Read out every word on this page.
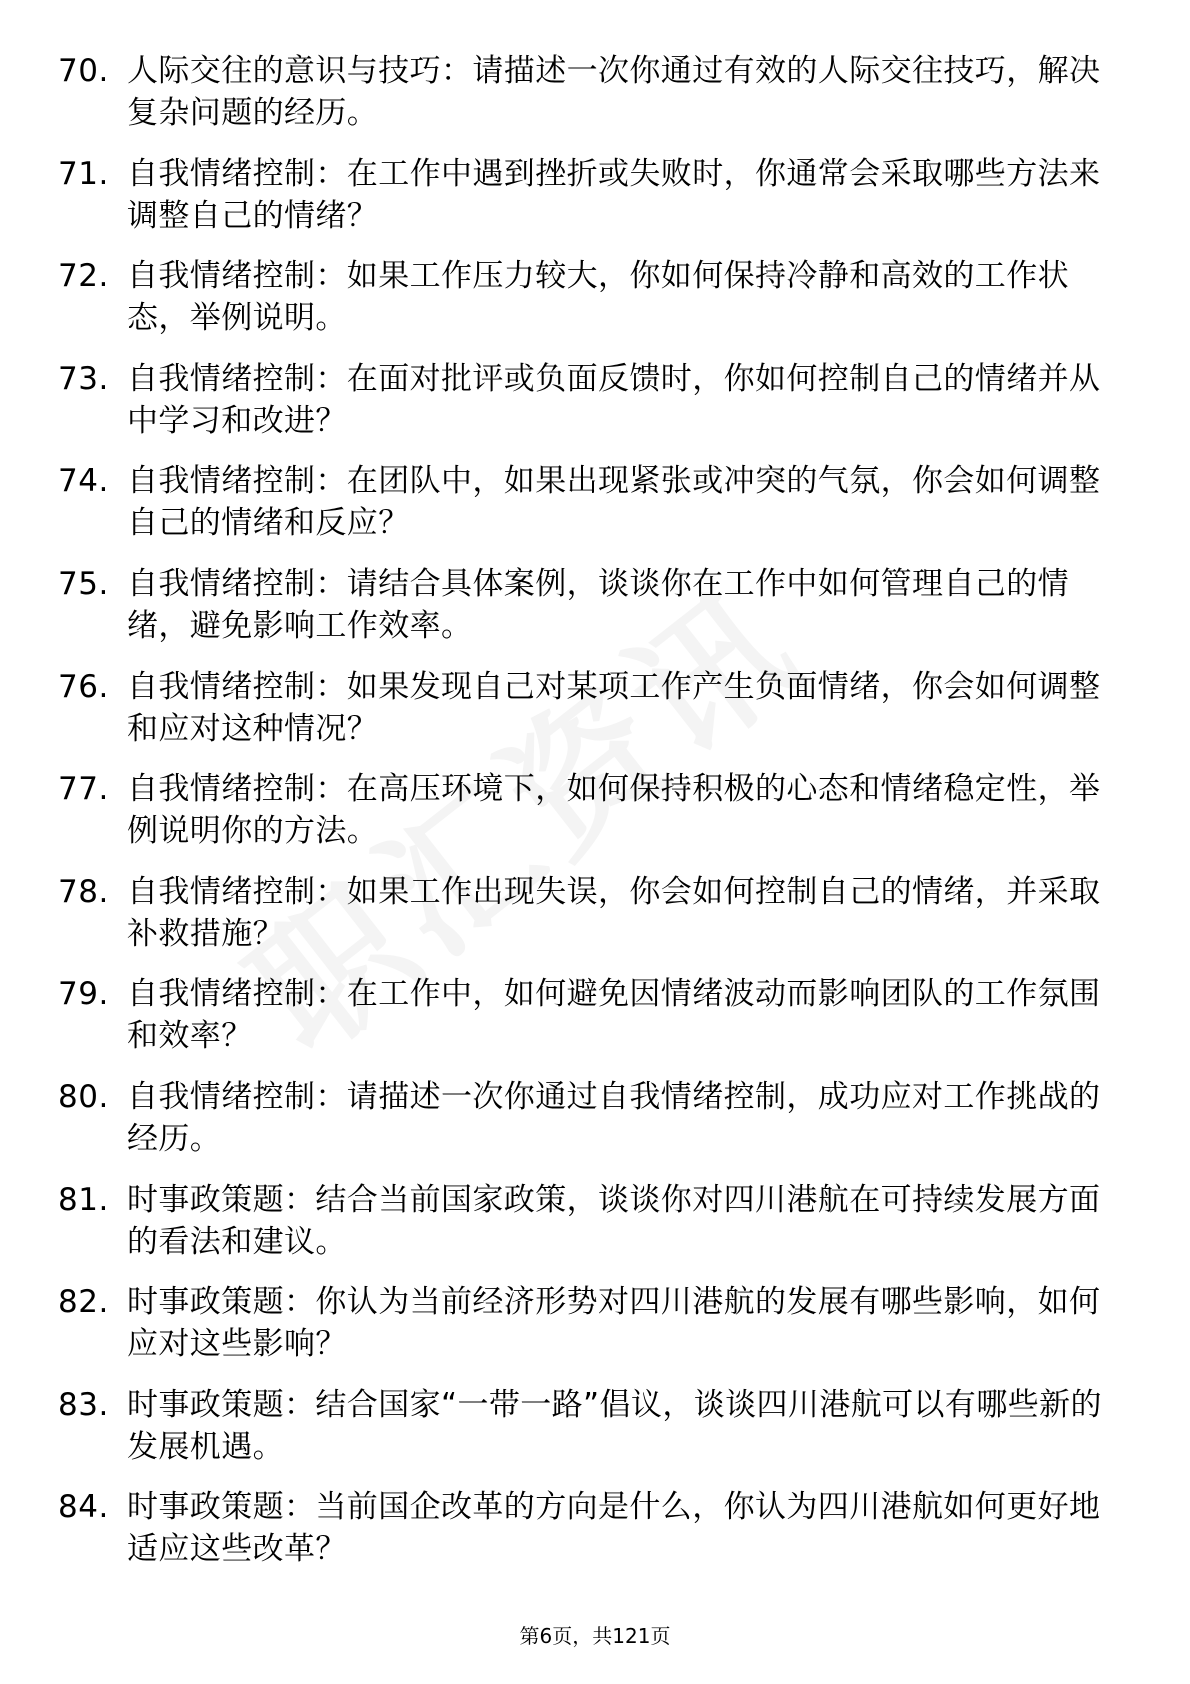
70. 人际交往的意识与技巧：请描述一次你通过有效的人际交往技巧，解决复杂问题的经历。
71. 自我情绪控制：在工作中遇到挫折或失败时，你通常会采取哪些方法来调整自己的情绪？
72. 自我情绪控制：如果工作压力较大，你如何保持冷静和高效的工作状态，举例说明。
73. 自我情绪控制：在面对批评或负面反馈时，你如何控制自己的情绪并从中学习和改进？
74. 自我情绪控制：在团队中，如果出现紧张或冲突的气氛，你会如何调整自己的情绪和反应？
75. 自我情绪控制：请结合具体案例，谈谈你在工作中如何管理自己的情绪，避免影响工作效率。
76. 自我情绪控制：如果发现自己对某项工作产生负面情绪，你会如何调整和应对这种情况？
77. 自我情绪控制：在高压环境下，如何保持积极的心态和情绪稳定性，举例说明你的方法。
78. 自我情绪控制：如果工作出现失误，你会如何控制自己的情绪，并采取补救措施？
79. 自我情绪控制：在工作中，如何避免因情绪波动而影响团队的工作氛围和效率？
80. 自我情绪控制：请描述一次你通过自我情绪控制，成功应对工作挑战的经历。
81. 时事政策题：结合当前国家政策，谈谈你对四川港航在可持续发展方面的看法和建议。
82. 时事政策题：你认为当前经济形势对四川港航的发展有哪些影响，如何应对这些影响？
83. 时事政策题：结合国家“一带一路”倡议，谈谈四川港航可以有哪些新的发展机遇。
84. 时事政策题：当前国企改革的方向是什么，你认为四川港航如何更好地适应这些改革？
第6页，共121页
